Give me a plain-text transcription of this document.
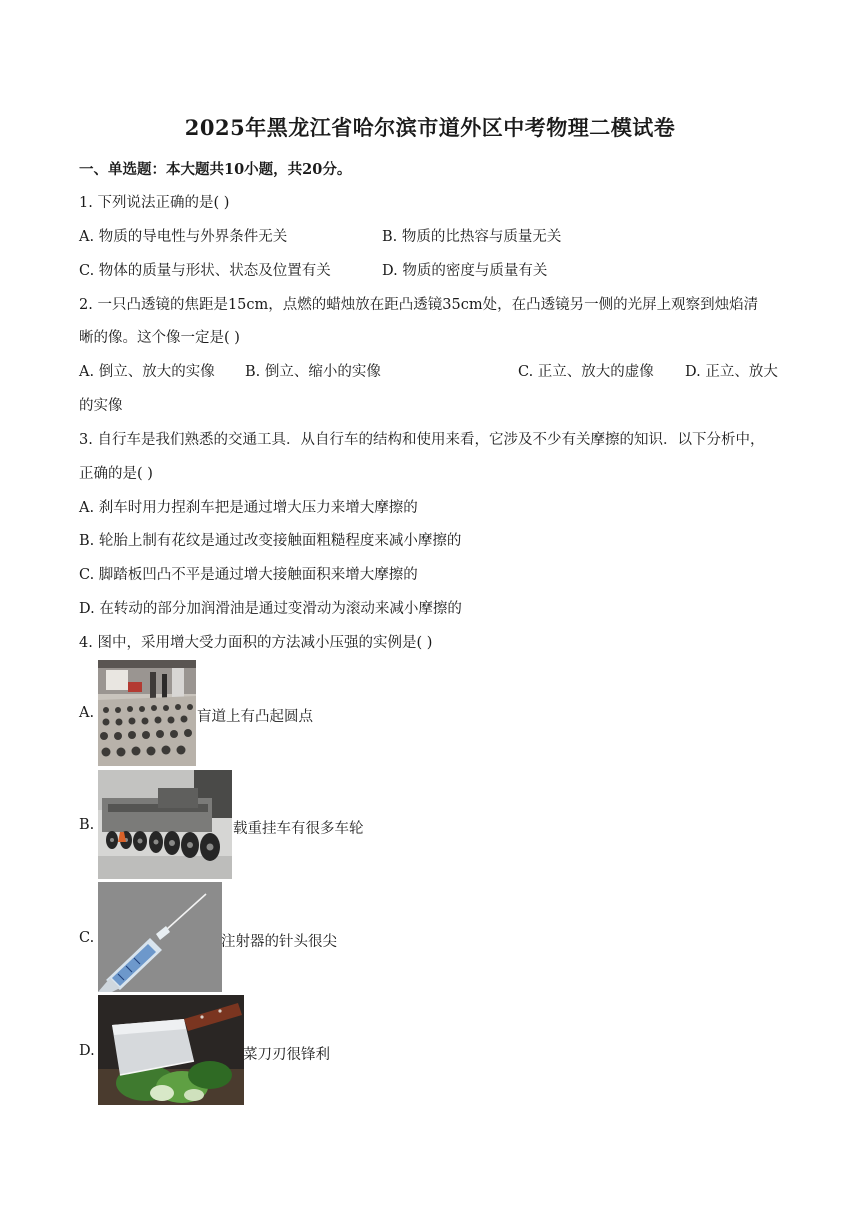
2025年黑龙江省哈尔滨市道外区中考物理二模试卷
一、单选题：本大题共10小题，共20分。
1. 下列说法正确的是( )
A. 物质的导电性与外界条件无关	B. 物质的比热容与质量无关
C. 物体的质量与形状、状态及位置有关	D. 物质的密度与质量有关
2. 一只凸透镜的焦距是15cm，点燃的蜡烛放在距凸透镜35cm处，在凸透镜另一侧的光屏上观察到烛焰清
晰的像。这个像一定是( )
A. 倒立、放大的实像 B. 倒立、缩小的实像	C. 正立、放大的虚像 D. 正立、放大
的实像
3. 自行车是我们熟悉的交通工具．从自行车的结构和使用来看，它涉及不少有关摩擦的知识．以下分析中，
正确的是( )
A. 刹车时用力捏刹车把是通过增大压力来增大摩擦的
B. 轮胎上制有花纹是通过改变接触面粗糙程度来减小摩擦的
C. 脚踏板凹凸不平是通过增大接触面积来增大摩擦的
D. 在转动的部分加润滑油是通过变滑动为滚动来减小摩擦的
4. 图中，采用增大受力面积的方法减小压强的实例是( )
A.	盲道上有凸起圆点
B.	载重挂车有很多车轮
C.	注射器的针头很尖
D.	菜刀刃很锋利
